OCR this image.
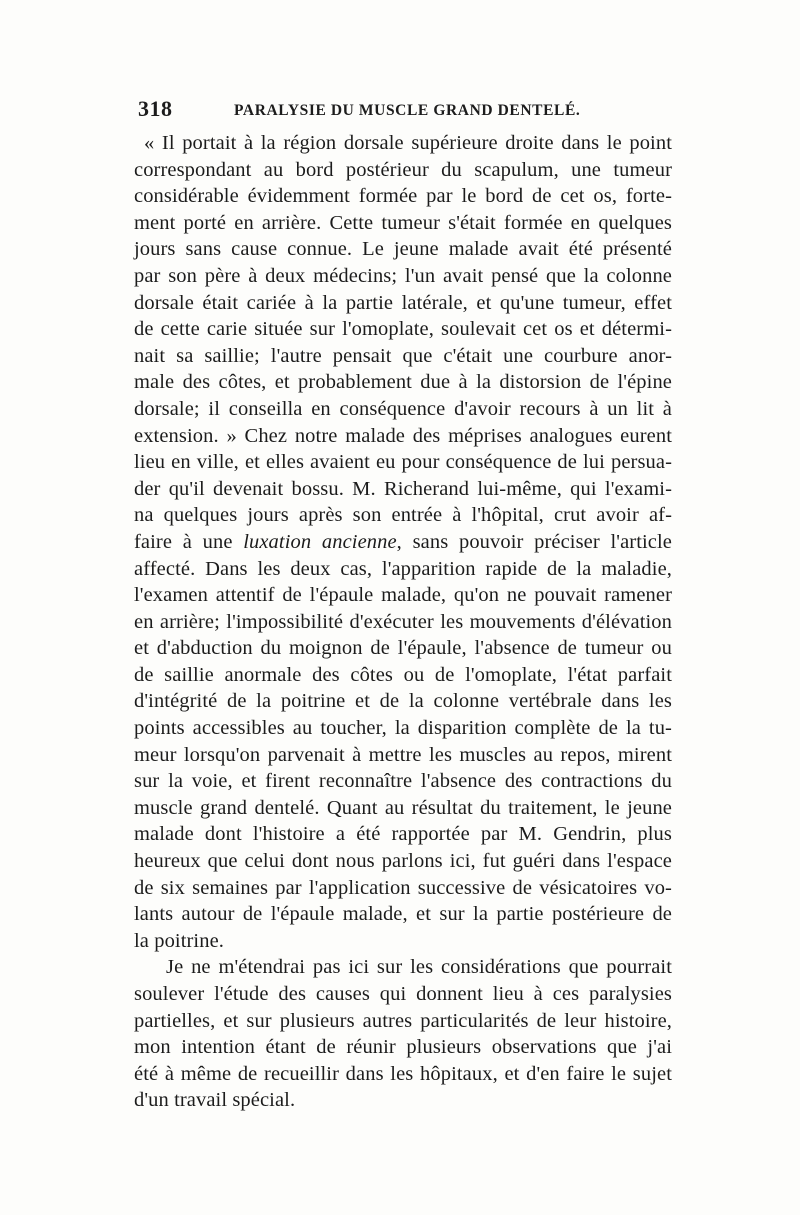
318	PARALYSIE DU MUSCLE GRAND DENTELÉ.
« Il portait à la région dorsale supérieure droite dans le point
correspondant au bord postérieur du scapulum, une tumeur
considérable évidemment formée par le bord de cet os, forte-
ment porté en arrière. Cette tumeur s'était formée en quelques
jours sans cause connue. Le jeune malade avait été présenté
par son père à deux médecins; l'un avait pensé que la colonne
dorsale était cariée à la partie latérale, et qu'une tumeur, effet
de cette carie située sur l'omoplate, soulevait cet os et détermi-
nait sa saillie; l'autre pensait que c'était une courbure anor-
male des côtes, et probablement due à la distorsion de l'épine
dorsale; il conseilla en conséquence d'avoir recours à un lit à
extension. » Chez notre malade des méprises analogues eurent
lieu en ville, et elles avaient eu pour conséquence de lui persua-
der qu'il devenait bossu. M. Richerand lui-même, qui l'exami-
na quelques jours après son entrée à l'hôpital, crut avoir af-
faire à une luxation ancienne, sans pouvoir préciser l'article
affecté. Dans les deux cas, l'apparition rapide de la maladie,
l'examen attentif de l'épaule malade, qu'on ne pouvait ramener
en arrière; l'impossibilité d'exécuter les mouvements d'élévation
et d'abduction du moignon de l'épaule, l'absence de tumeur ou
de saillie anormale des côtes ou de l'omoplate, l'état parfait
d'intégrité de la poitrine et de la colonne vertébrale dans les
points accessibles au toucher, la disparition complète de la tu-
meur lorsqu'on parvenait à mettre les muscles au repos, mirent
sur la voie, et firent reconnaître l'absence des contractions du
muscle grand dentelé. Quant au résultat du traitement, le jeune
malade dont l'histoire a été rapportée par M. Gendrin, plus
heureux que celui dont nous parlons ici, fut guéri dans l'espace
de six semaines par l'application successive de vésicatoires vo-
lants autour de l'épaule malade, et sur la partie postérieure de
la poitrine.
Je ne m'étendrai pas ici sur les considérations que pourrait
soulever l'étude des causes qui donnent lieu à ces paralysies
partielles, et sur plusieurs autres particularités de leur histoire,
mon intention étant de réunir plusieurs observations que j'ai
été à même de recueillir dans les hôpitaux, et d'en faire le sujet
d'un travail spécial.
